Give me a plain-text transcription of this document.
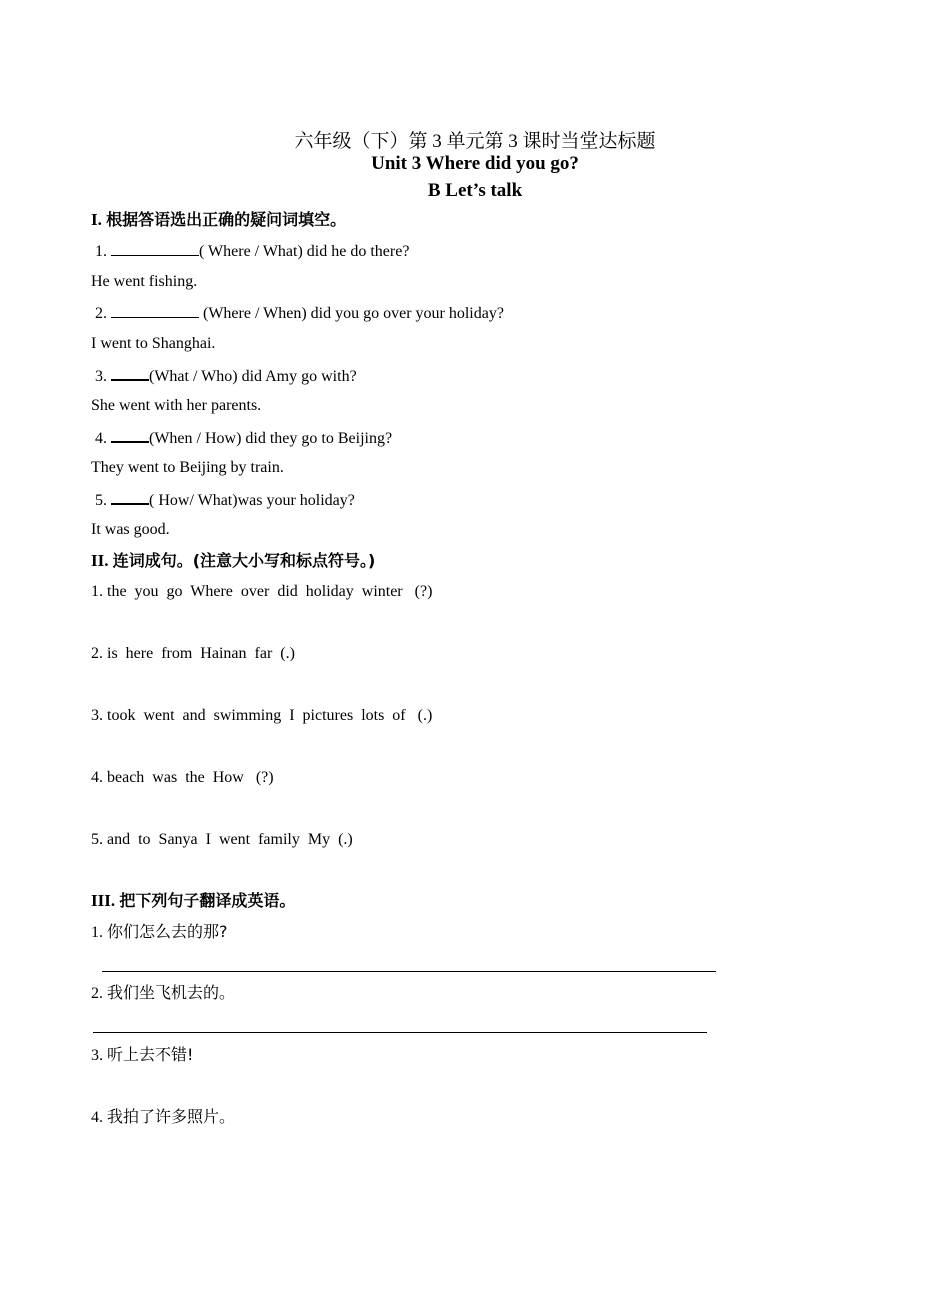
六年级（下）第 3 单元第 3 课时当堂达标题
Unit 3 Where did you go?
B Let’s talk
I. 根据答语选出正确的疑问词填空。
1.	( Where / What) did he do there?
He went fishing.
2.	(Where / When) did you go over your holiday?
I went to Shanghai.
3. (What / Who) did Amy go with?
She went with her parents.
4. (When / How) did they go to Beijing?
They went to Beijing by train.
5. ( How/ What)was your holiday?
It was good.
II. 连词成句。(注意大小写和标点符号。)
1. the  you  go  Where  over  did  holiday  winter   (?)
2. is  here  from  Hainan  far  (.)
3. took  went  and  swimming  I  pictures  lots  of   (.)
4. beach  was  the  How   (?)
5. and  to  Sanya  I  went  family  My  (.)
III. 把下列句子翻译成英语。
1. 你们怎么去的那?
2. 我们坐飞机去的。
3. 听上去不错!
4. 我拍了许多照片。
